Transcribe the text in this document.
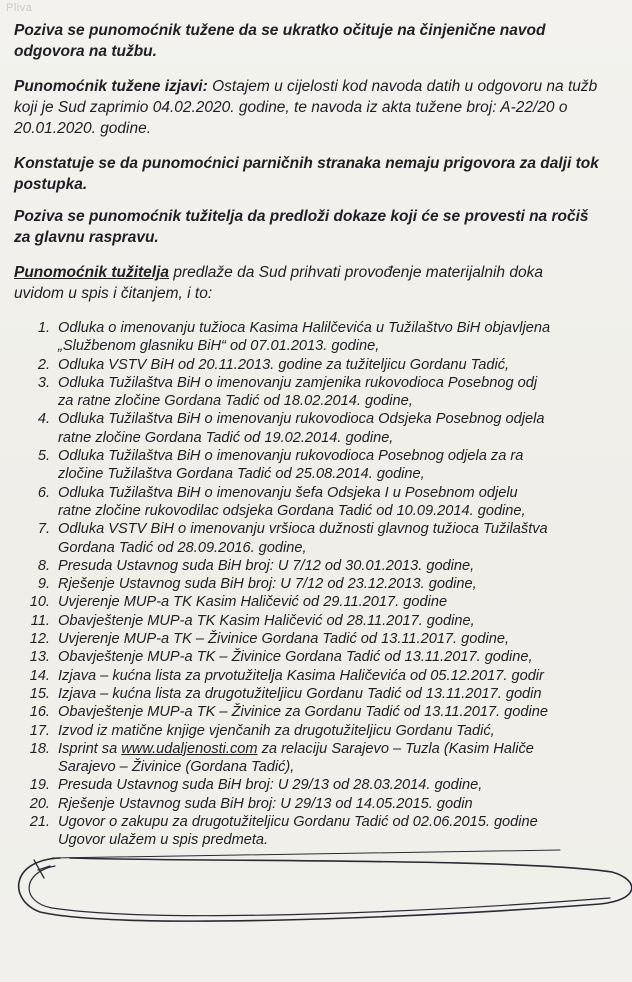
Pliva
Poziva se punomoćnik tužene da se ukratko očituje na činjenične navod
odgovora na tužbu.
Punomoćnik tužene izjavi: Ostajem u cijelosti kod navoda datih u odgovoru na tužb
koji je Sud zaprimio 04.02.2020. godine, te navoda iz akta tužene broj: A-22/20 o
20.01.2020. godine.
Konstatuje se da punomoćnici parničnih stranaka nemaju prigovora za dalji tok
postupka.
Poziva se punomoćnik tužitelja da predloži dokaze koji će se provesti na ročiš
za glavnu raspravu.
Punomoćnik tužitelja predlaže da Sud prihvati provođenje materijalnih doka
uvidom u spis i čitanjem, i to:
1. Odluka o imenovanju tužioca Kasima Halilčevića u Tužilaštvo BiH objavljena
„Službenom glasniku BiH“ od 07.01.2013. godine,
2. Odluka VSTV BiH od 20.11.2013. godine za tužiteljicu Gordanu Tadić,
3. Odluka Tužilaštva BiH o imenovanju zamjenika rukovodioca Posebnog odj
za ratne zločine Gordana Tadić od 18.02.2014. godine,
4. Odluka Tužilaštva BiH o imenovanju rukovodioca Odsjeka Posebnog odjela
ratne zločine Gordana Tadić od 19.02.2014. godine,
5. Odluka Tužilaštva BiH o imenovanju rukovodioca Posebnog odjela za ra
zločine Tužilaštva Gordana Tadić od 25.08.2014. godine,
6. Odluka Tužilaštva BiH o imenovanju šefa Odsjeka I u Posebnom odjelu
ratne zločine rukovodilac odsjeka Gordana Tadić od 10.09.2014. godine,
7. Odluka VSTV BiH o imenovanju vršioca dužnosti glavnog tužioca Tužilaštva
Gordana Tadić od 28.09.2016. godine,
8. Presuda Ustavnog suda BiH broj: U 7/12 od 30.01.2013. godine,
9. Rješenje Ustavnog suda BiH broj: U 7/12 od 23.12.2013. godine,
10. Uvjerenje MUP-a TK Kasim Haličević od 29.11.2017. godine
11. Obavještenje MUP-a TK Kasim Haličević od 28.11.2017. godine,
12. Uvjerenje MUP-a TK – Živinice Gordana Tadić od 13.11.2017. godine,
13. Obavještenje MUP-a TK – Živinice Gordana Tadić od 13.11.2017. godine,
14. Izjava – kućna lista za prvotužitelja Kasima Haličevića od 05.12.2017. godir
15. Izjava – kućna lista za drugotužiteljicu Gordanu Tadić od 13.11.2017. godin
16. Obavještenje MUP-a TK – Živinice za Gordanu Tadić od 13.11.2017. godine
17. Izvod iz matične knjige vjenčanih za drugotužiteljicu Gordanu Tadić,
18. Isprint sa www.udaljenosti.com za relaciju Sarajevo – Tuzla (Kasim Haliče
Sarajevo – Živinice (Gordana Tadić),
19. Presuda Ustavnog suda BiH broj: U 29/13 od 28.03.2014. godine,
20. Rješenje Ustavnog suda BiH broj: U 29/13 od 14.05.2015. godin
21. Ugovor o zakupu za drugotužiteljicu Gordanu Tadić od 02.06.2015. godine
Ugovor ulažem u spis predmeta.
